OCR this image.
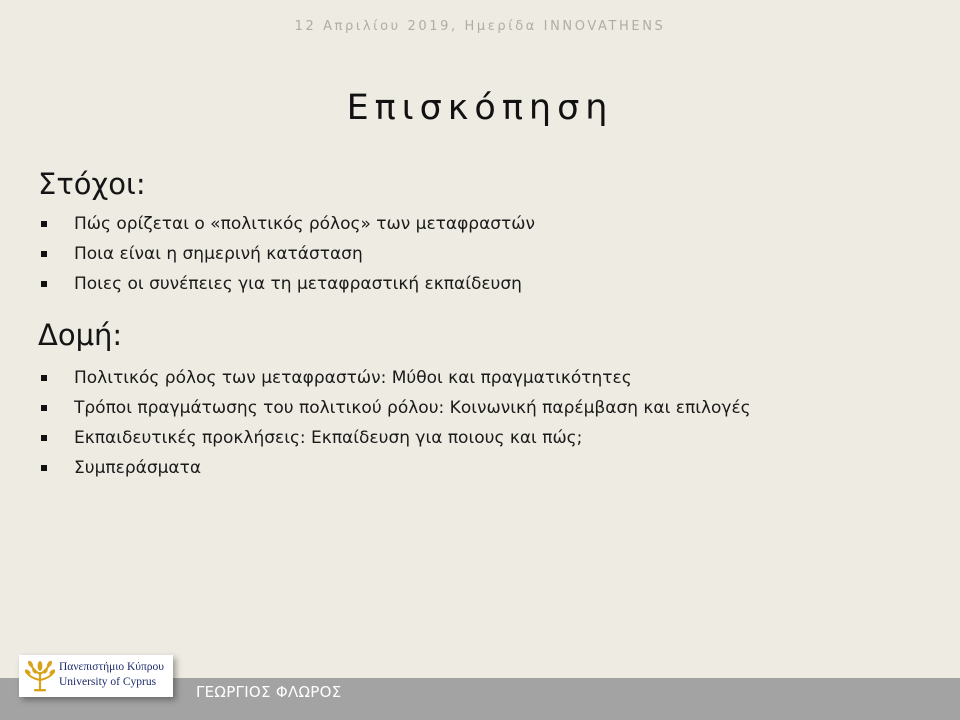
12 Απριλίου 2019, Ημερίδα INNOVATHENS
Επισκόπηση
Στόχοι:
Πώς ορίζεται ο «πολιτικός ρόλος» των μεταφραστών
Ποια είναι η σημερινή κατάσταση
Ποιες οι συνέπειες για τη μεταφραστική εκπαίδευση
Δομή:
Πολιτικός ρόλος των μεταφραστών: Μύθοι και πραγματικότητες
Τρόποι πραγμάτωσης του πολιτικού ρόλου: Κοινωνική παρέμβαση και επιλογές
Εκπαιδευτικές προκλήσεις: Εκπαίδευση για ποιους και πώς;
Συμπεράσματα
ΓΕΩΡΓΙΟΣ ΦΛΩΡΟΣ
Πανεπιστήμιο Κύπρου
University of Cyprus
